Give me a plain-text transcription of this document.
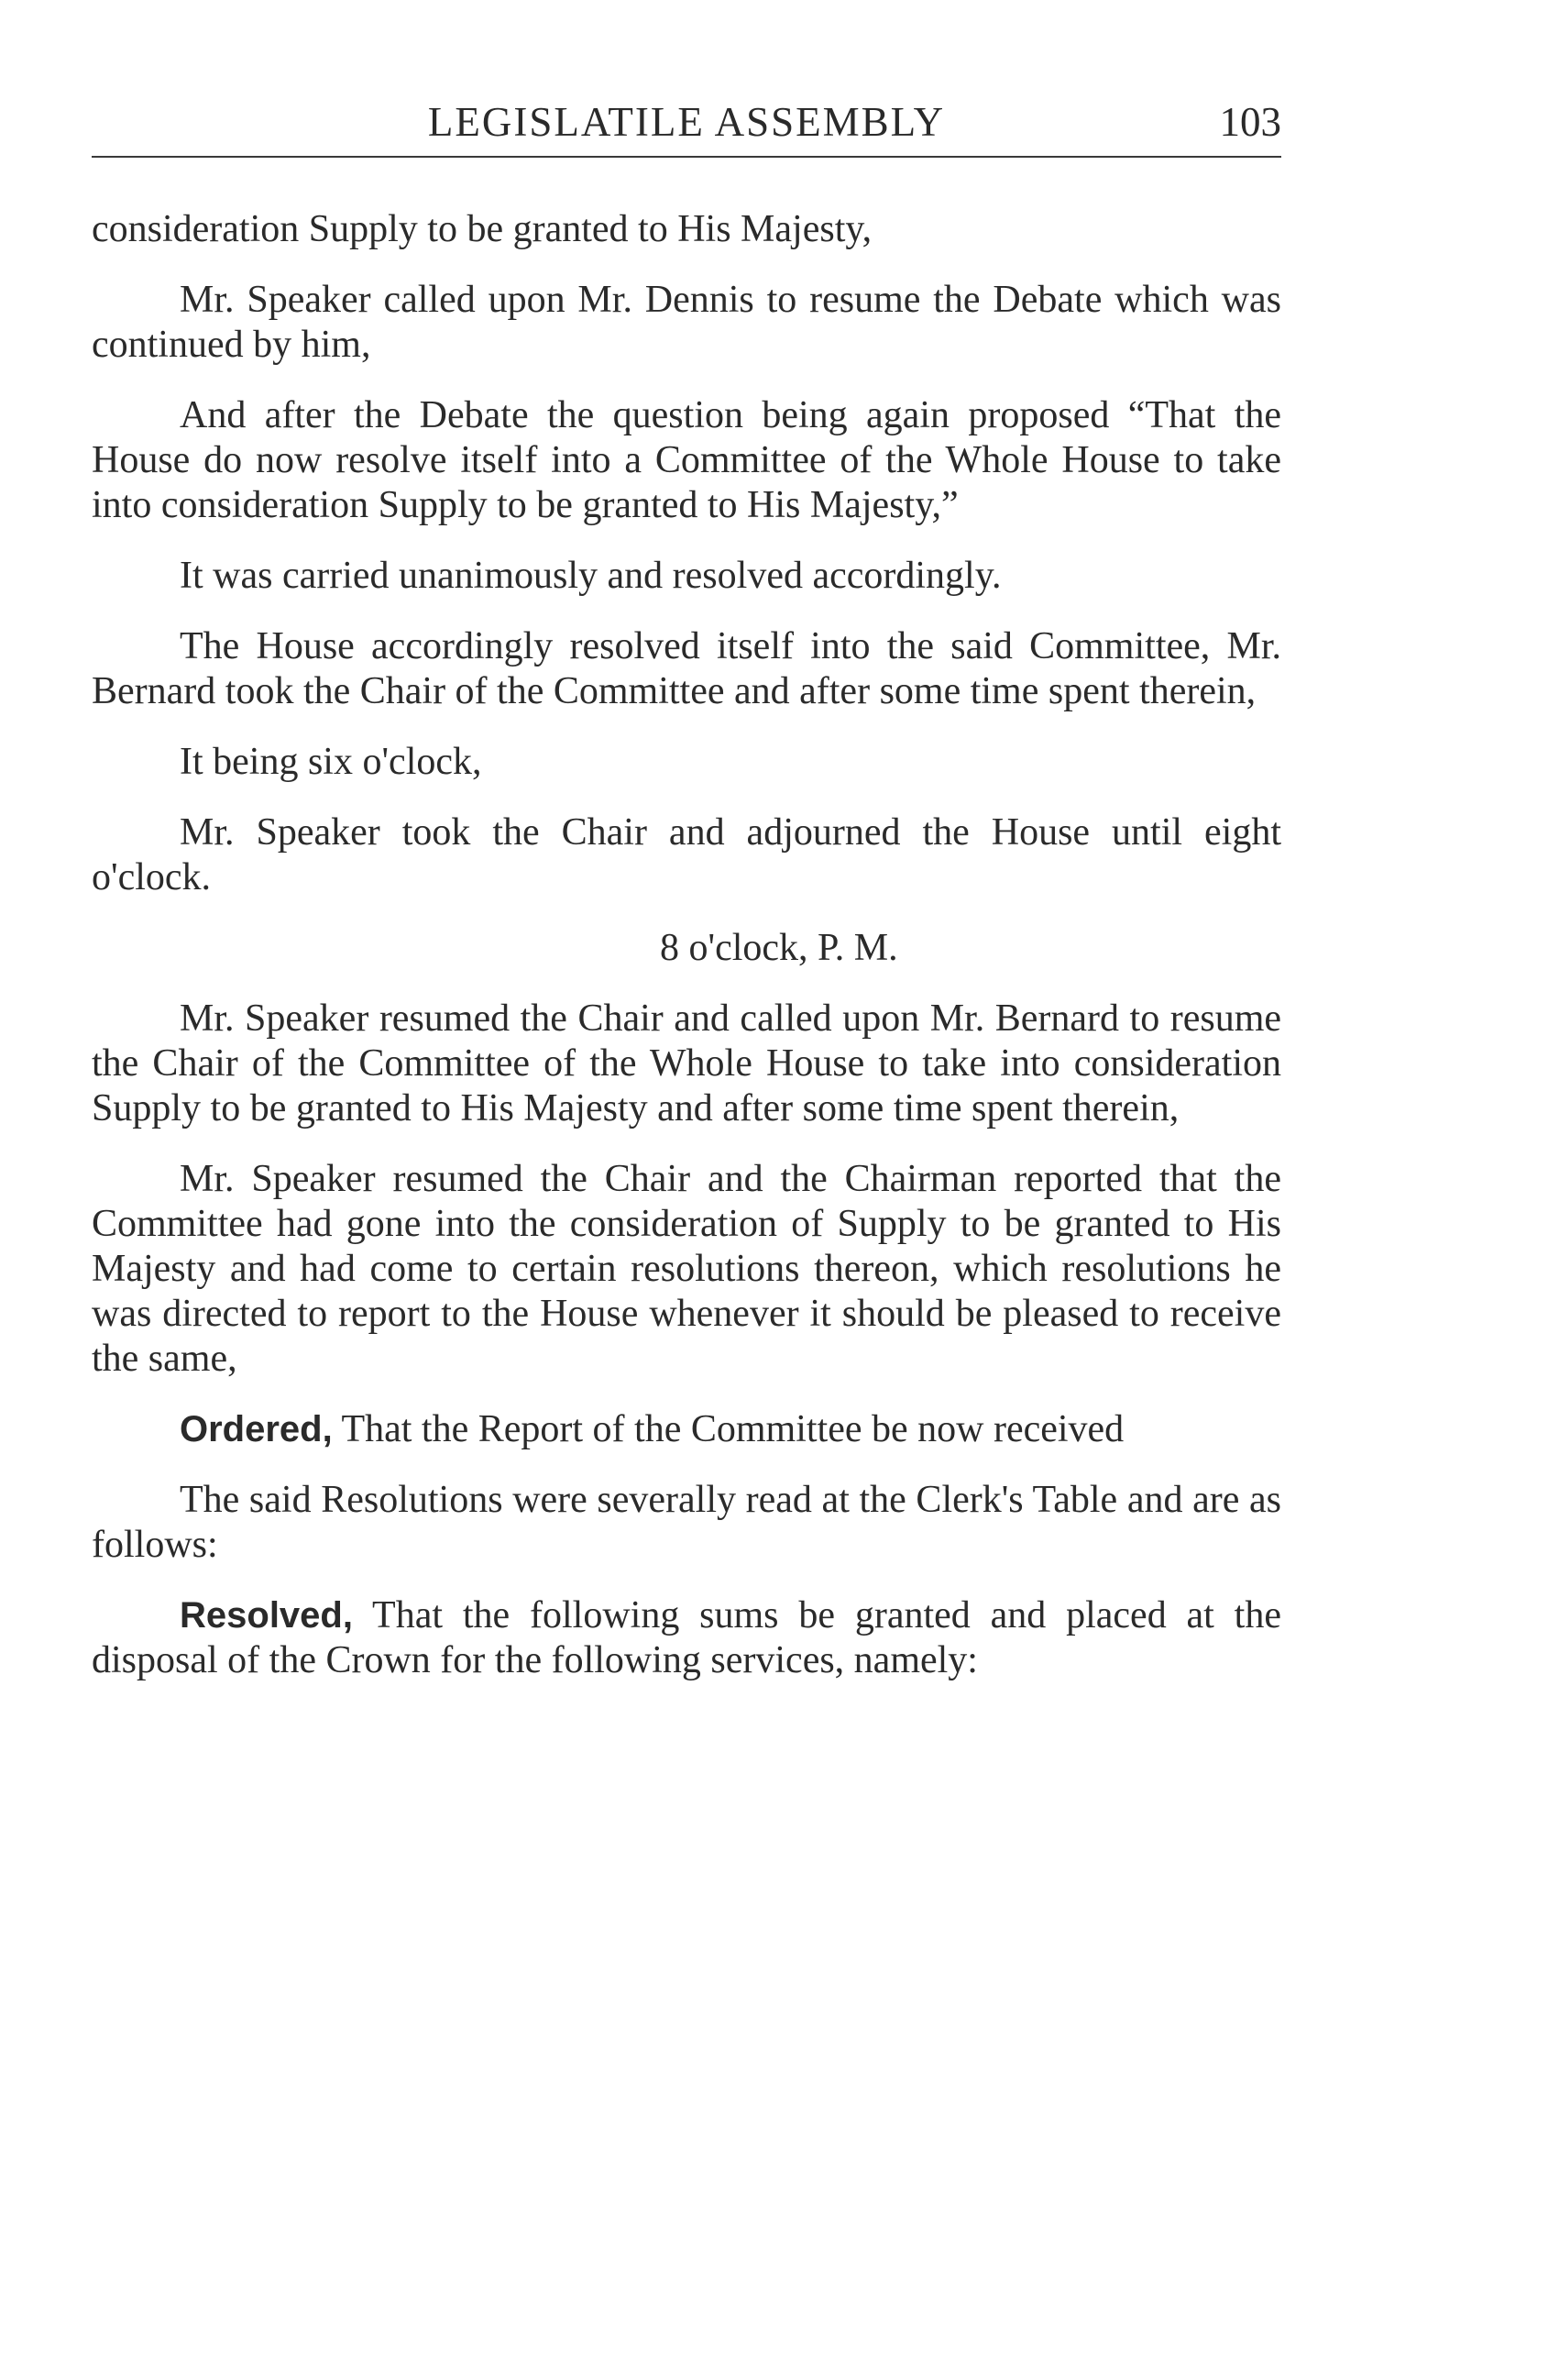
LEGISLATILE ASSEMBLY	103

consideration Supply to be granted to His Majesty,

Mr. Speaker called upon Mr. Dennis to resume the Debate which was continued by him,

And after the Debate the question being again proposed “That the House do now resolve itself into a Committee of the Whole House to take into consideration Supply to be granted to His Majesty,”

It was carried unanimously and resolved accordingly.

The House accordingly resolved itself into the said Committee, Mr. Bernard took the Chair of the Committee and after some time spent therein,

It being six o'clock,

Mr. Speaker took the Chair and adjourned the House until eight o'clock.

8 o'clock, P. M.

Mr. Speaker resumed the Chair and called upon Mr. Bernard to resume the Chair of the Committee of the Whole House to take into consideration Supply to be granted to His Majesty and after some time spent therein,

Mr. Speaker resumed the Chair and the Chairman reported that the Committee had gone into the consideration of Supply to be granted to His Majesty and had come to certain resolutions thereon, which resolutions he was directed to report to the House whenever it should be pleased to receive the same,

Ordered, That the Report of the Committee be now received

The said Resolutions were severally read at the Clerk's Table and are as follows:

Resolved, That the following sums be granted and placed at the disposal of the Crown for the following services, namely:
